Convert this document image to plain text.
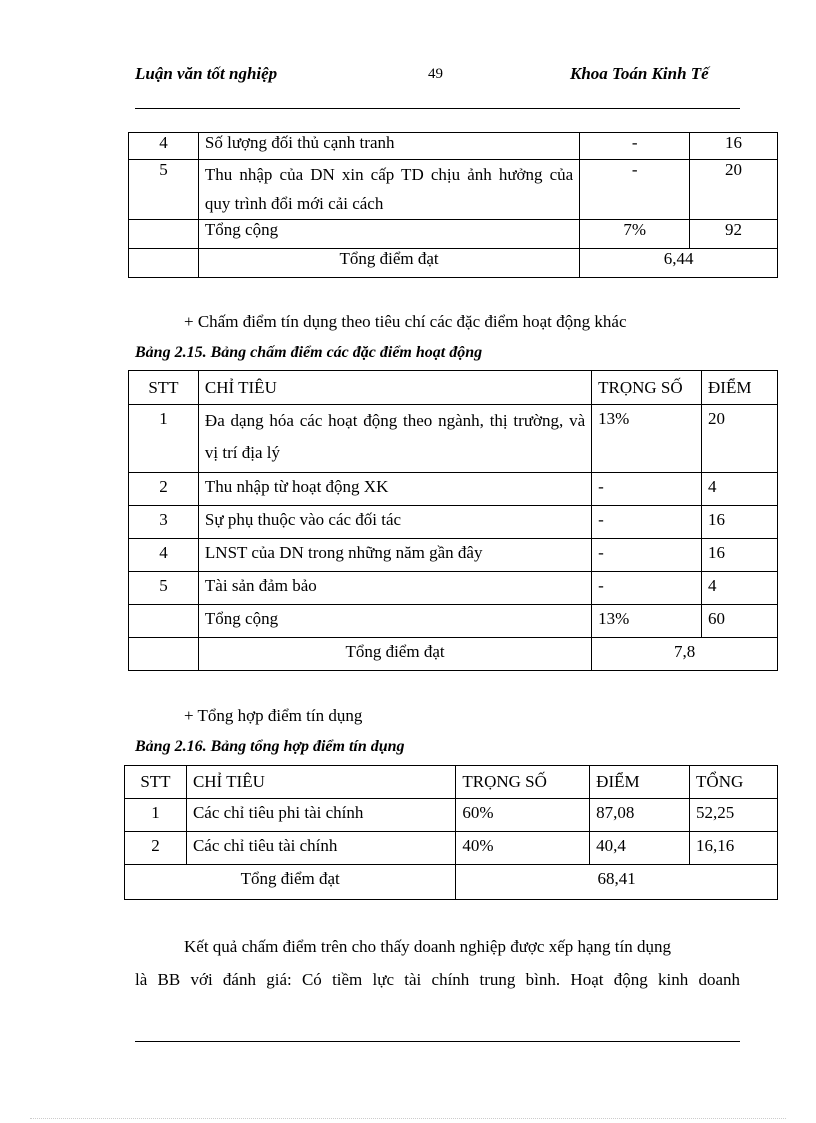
Luận văn tốt nghiệp	49	Khoa Toán Kinh Tế
4	Số lượng đối thủ cạnh tranh	-	16
5	Thu nhập của DN xin cấp TD chịu ảnh hưởng của quy trình đổi mới cải cách	-	20
	Tổng cộng	7%	92
	Tổng điểm đạt	6,44	
+ Chấm điểm tín dụng theo tiêu chí các đặc điểm hoạt động khác
Bảng 2.15. Bảng chấm điểm các đặc điểm hoạt động
STT	CHỈ TIÊU	TRỌNG SỐ	ĐIỂM
1	Đa dạng hóa các hoạt động theo ngành, thị trường, và vị trí địa lý	13%	20
2	Thu nhập từ hoạt động XK	-	4
3	Sự phụ thuộc vào các đối tác	-	16
4	LNST của DN trong những năm gần đây	-	16
5	Tài sản đảm bảo	-	4
	Tổng cộng	13%	60
	Tổng điểm đạt	7,8	
+ Tổng hợp điểm tín dụng
Bảng 2.16. Bảng tổng hợp điểm tín dụng
STT	CHỈ TIÊU	TRỌNG SỐ	ĐIỂM	TỔNG
1	Các chỉ tiêu phi tài chính	60%	87,08	52,25
2	Các chỉ tiêu tài chính	40%	40,4	16,16
Tổng điểm đạt		68,41		
Kết quả chấm điểm trên cho thấy doanh nghiệp được xếp hạng tín dụng
là BB với đánh giá: Có tiềm lực tài chính trung bình. Hoạt động kinh doanh
